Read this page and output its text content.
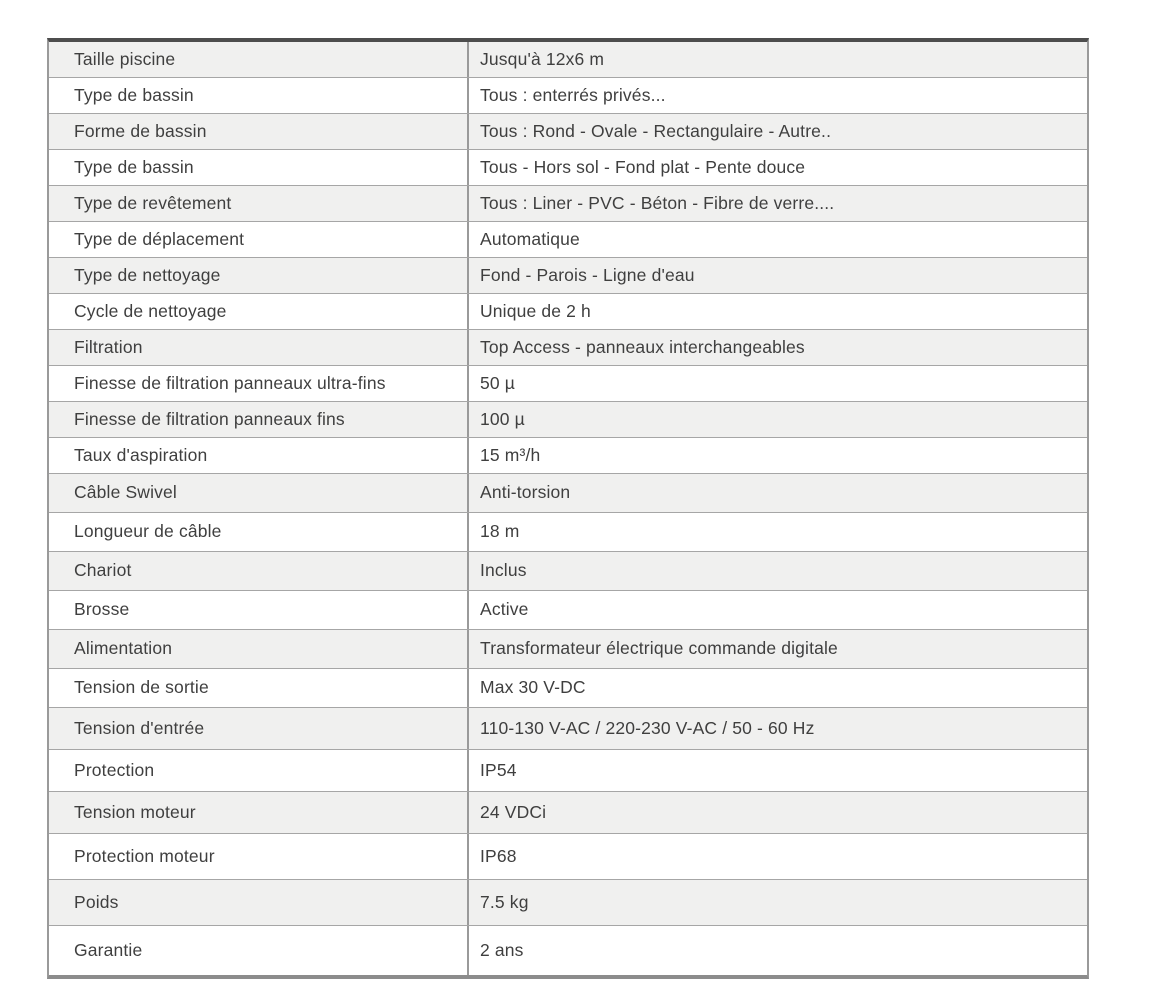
Taille piscine	Jusqu'à 12x6 m
Type de bassin	Tous : enterrés privés...
Forme de bassin	Tous : Rond - Ovale - Rectangulaire - Autre..
Type de bassin	Tous - Hors sol - Fond plat - Pente douce
Type de revêtement	Tous : Liner - PVC - Béton - Fibre de verre....
Type de déplacement	Automatique
Type de nettoyage	Fond - Parois - Ligne d'eau
Cycle de nettoyage	Unique de 2 h
Filtration	Top Access - panneaux interchangeables
Finesse de filtration panneaux ultra-fins	50 µ
Finesse de filtration panneaux fins	100 µ
Taux d'aspiration	15 m³/h
Câble Swivel	Anti-torsion
Longueur de câble	18 m
Chariot	Inclus
Brosse	Active
Alimentation	Transformateur électrique commande digitale
Tension de sortie	Max 30 V-DC
Tension d'entrée	110-130 V-AC / 220-230 V-AC / 50 - 60 Hz
Protection	IP54
Tension moteur	24 VDCi
Protection moteur	IP68
Poids	7.5 kg
Garantie	2 ans
